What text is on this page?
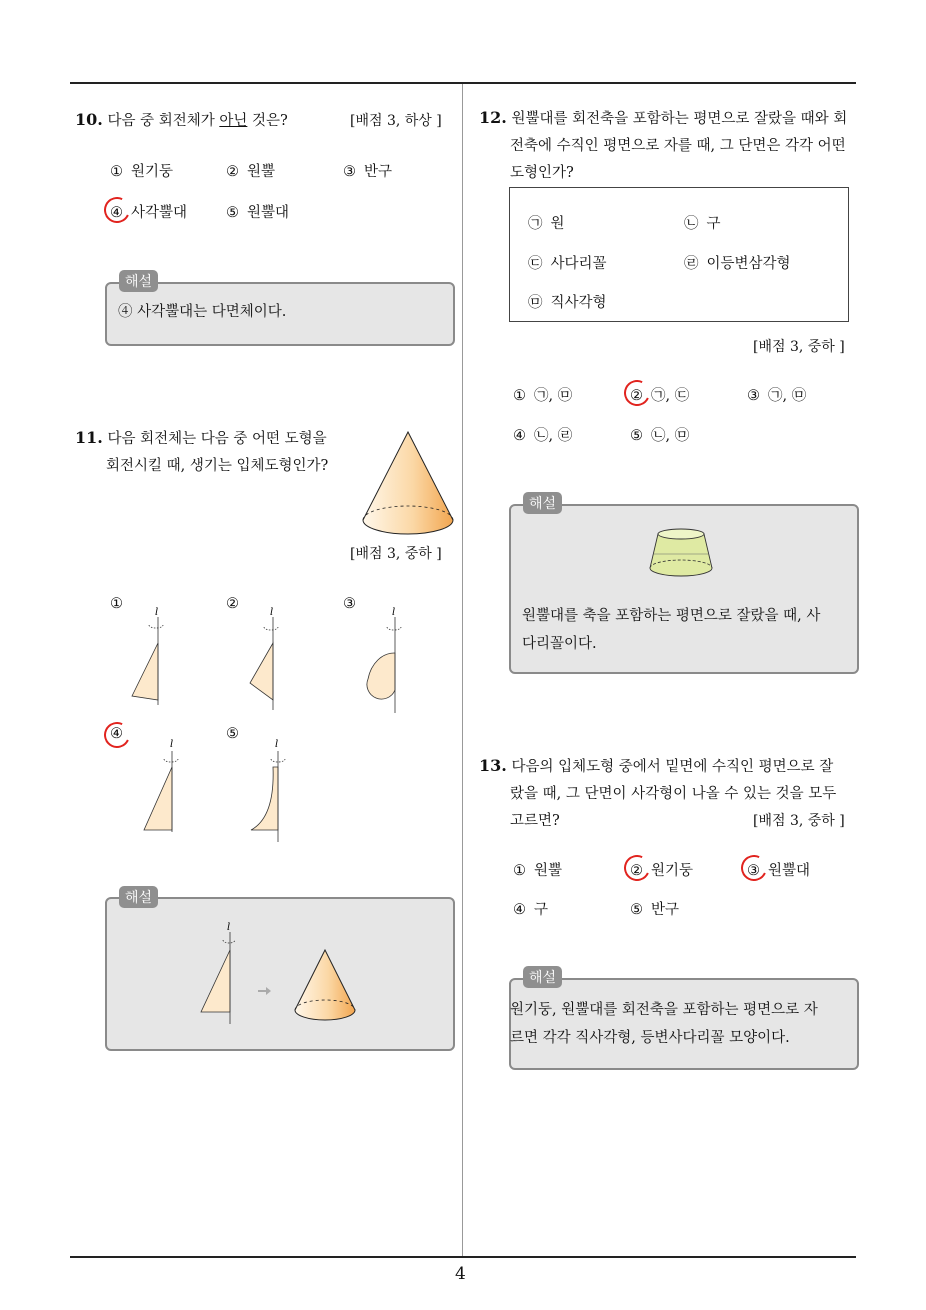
4
10. 다음 중 회전체가 아닌 것은?	[배점 3, 하상 ]
① 원기둥	② 원뿔	③ 반구
④ 사각뿔대	⑤ 원뿔대
해설
④ 사각뿔대는 다면체이다.
11. 다음 회전체는 다음 중 어떤 도형을
회전시킬 때, 생기는 입체도형인가?
[배점 3, 중하 ]
①	②	③
④	⑤
l	l	l
l	l
해설
l
12. 원뿔대를 회전축을 포함하는 평면으로 잘랐을 때와 회
전축에 수직인 평면으로 자를 때, 그 단면은 각각 어떤
도형인가?
㉠ 원	㉡ 구
㉢ 사다리꼴	㉣ 이등변삼각형
㉤ 직사각형
[배점 3, 중하 ]
① ㉠, ㉤	② ㉠, ㉢	③ ㉠, ㉤
④ ㉡, ㉣	⑤ ㉡, ㉤
해설
원뿔대를 축을 포함하는 평면으로 잘랐을 때, 사
다리꼴이다.
13. 다음의 입체도형 중에서 밑면에 수직인 평면으로 잘
랐을 때, 그 단면이 사각형이 나올 수 있는 것을 모두
고르면?	[배점 3, 중하 ]
① 원뿔	② 원기둥	③ 원뿔대
④ 구	⑤ 반구
해설
원기둥, 원뿔대를 회전축을 포함하는 평면으로 자
르면 각각 직사각형, 등변사다리꼴 모양이다.
